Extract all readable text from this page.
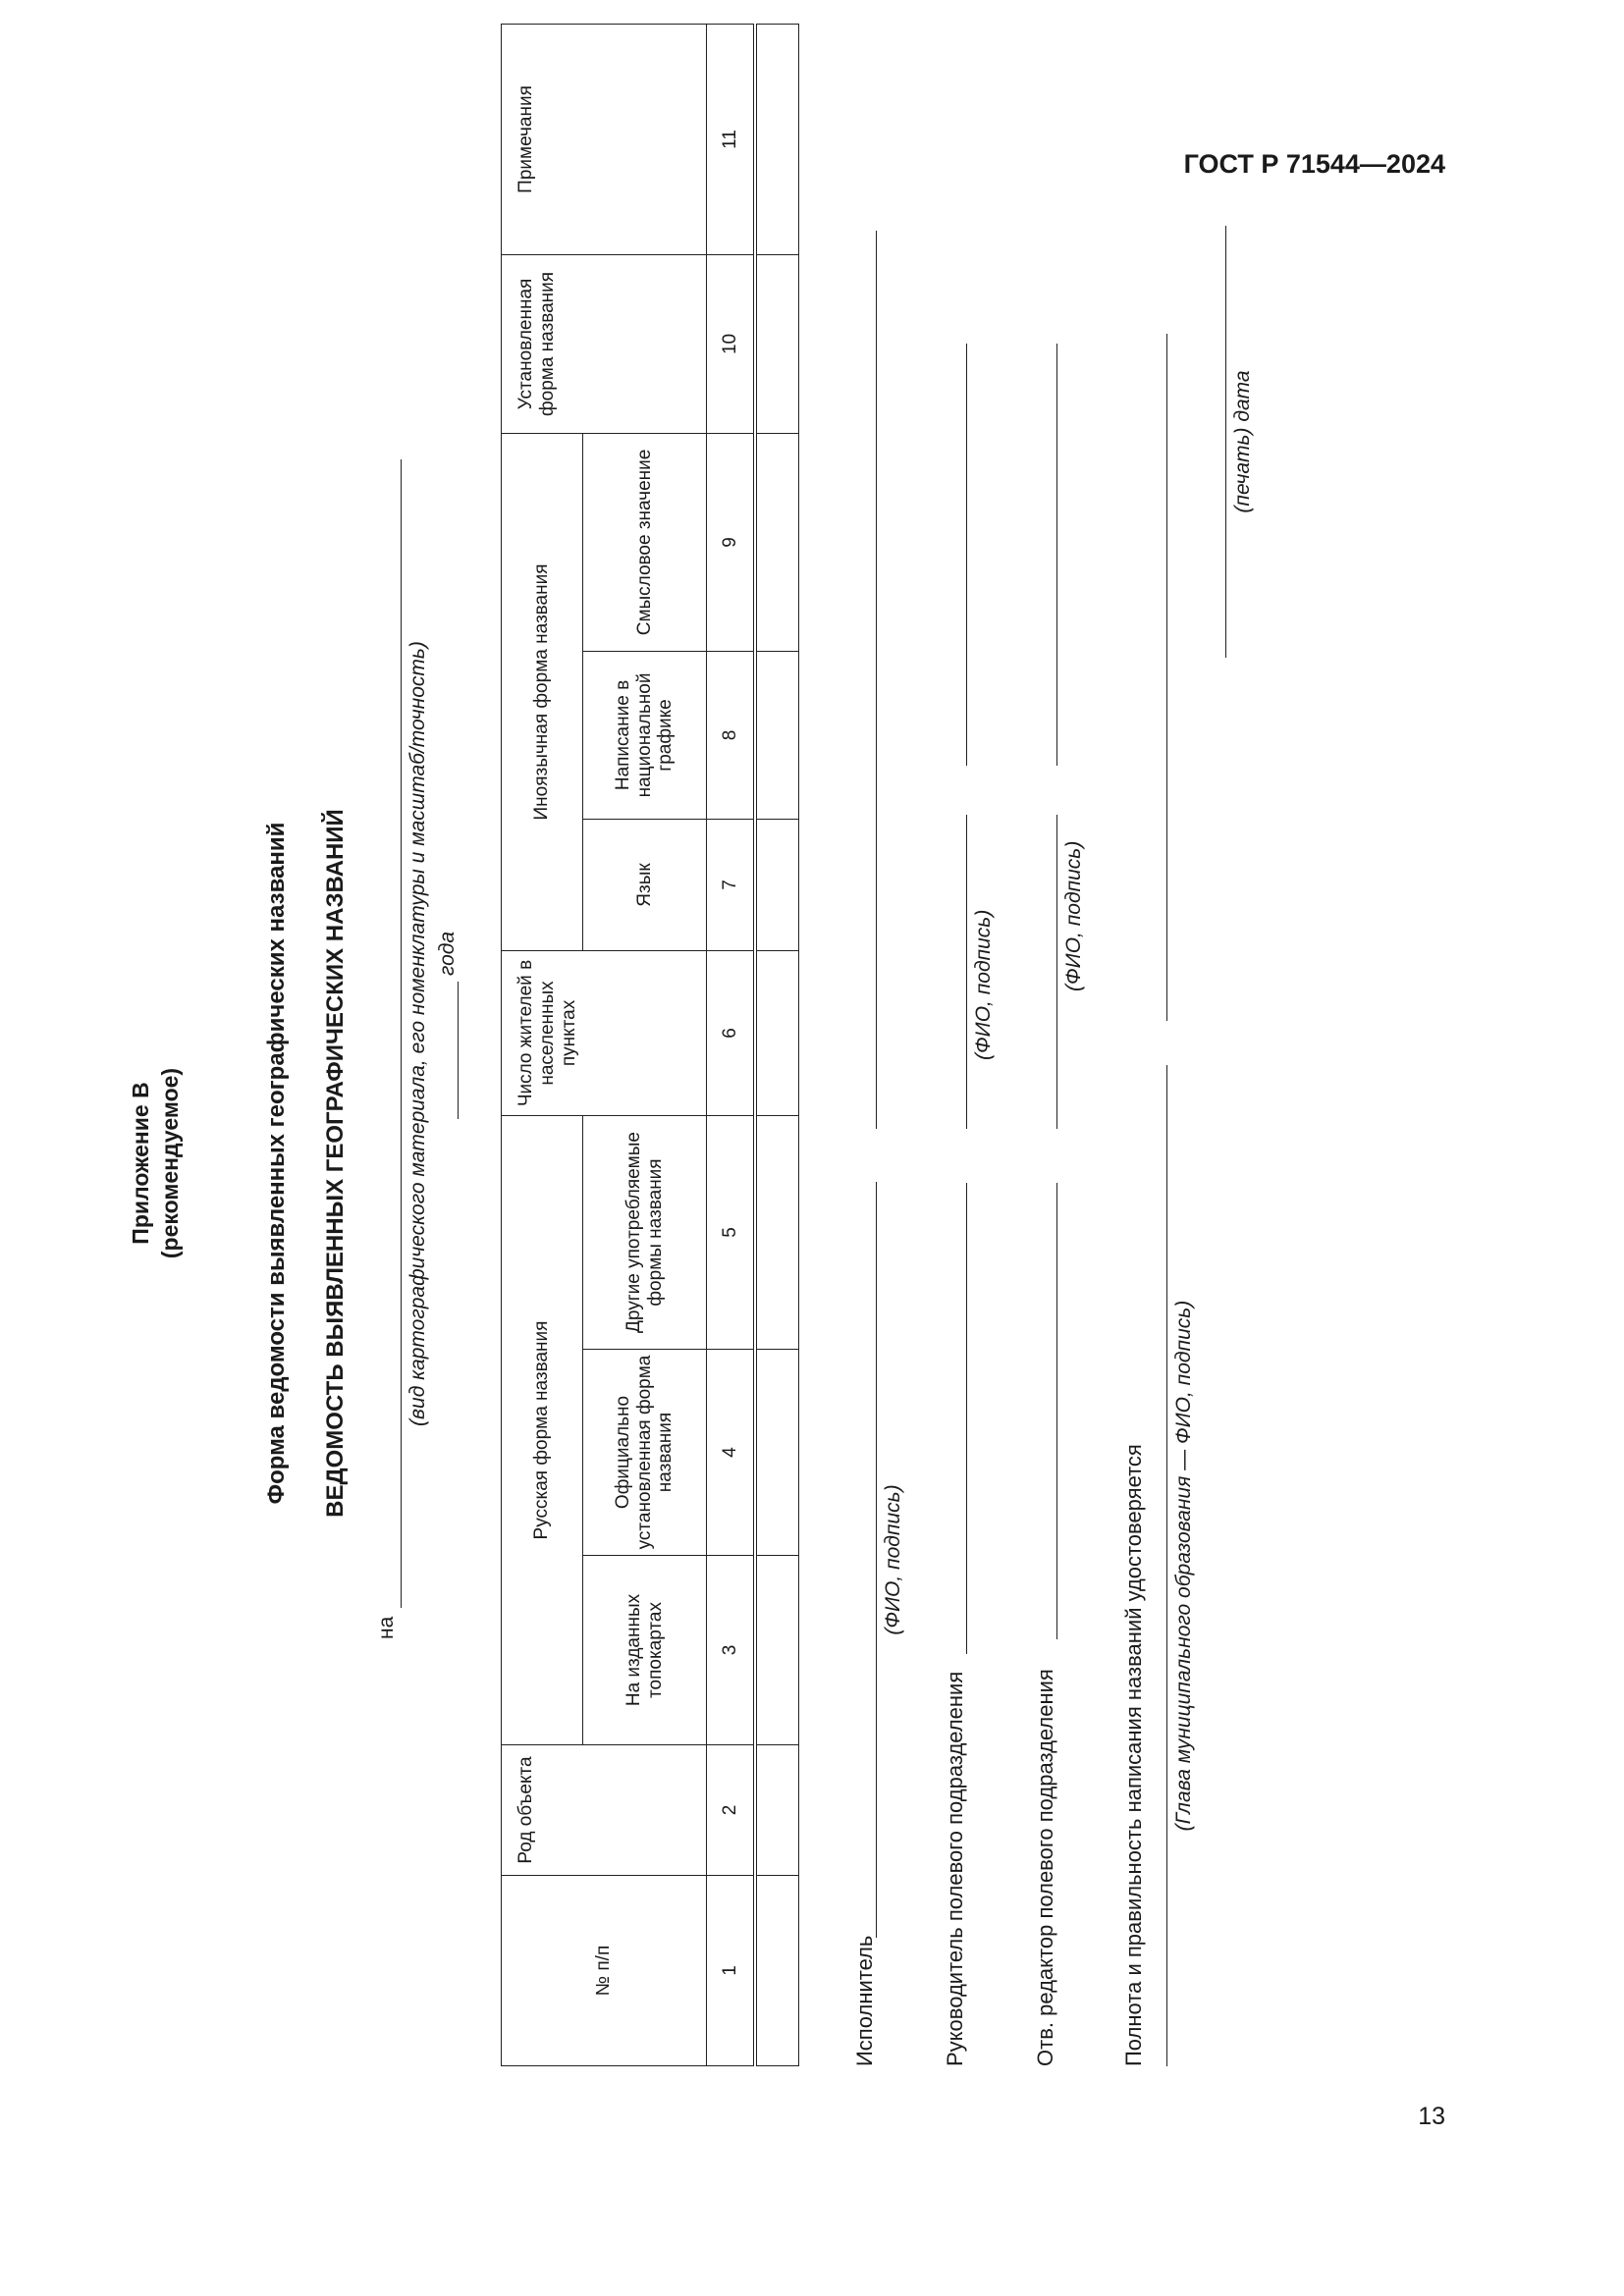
ГОСТ Р 71544—2024
Приложение В (рекомендуемое)	Форма ведомости выявленных географических названий ВЕДОМОСТЬ ВЫЯВЛЕННЫХ ГЕОГРАФИЧЕСКИХ НАЗВАНИЙ
на
(вид картографического материала, его номенклатуры и масштаб/точность) года
№ п/п	Род объекта	Русская форма названия			Число жителей в населенных пунктах	Иноязычная форма названия			Установленная форма названия	Примечания
		На изданных топокартах	Официально установленная форма названия	Другие употребляемые формы названия		Язык	Написание в национальной графике	Смысловое значение		
1	2	3	4	5	6	7	8	9	10	11

Исполнитель
(ФИО, подпись)
Руководитель полевого подразделения
(ФИО, подпись)
Отв. редактор полевого подразделения
(ФИО, подпись)
Полнота и правильность написания названий удостоверяется (Глава муниципального образования — ФИО, подпись)
(печать) дата
13
